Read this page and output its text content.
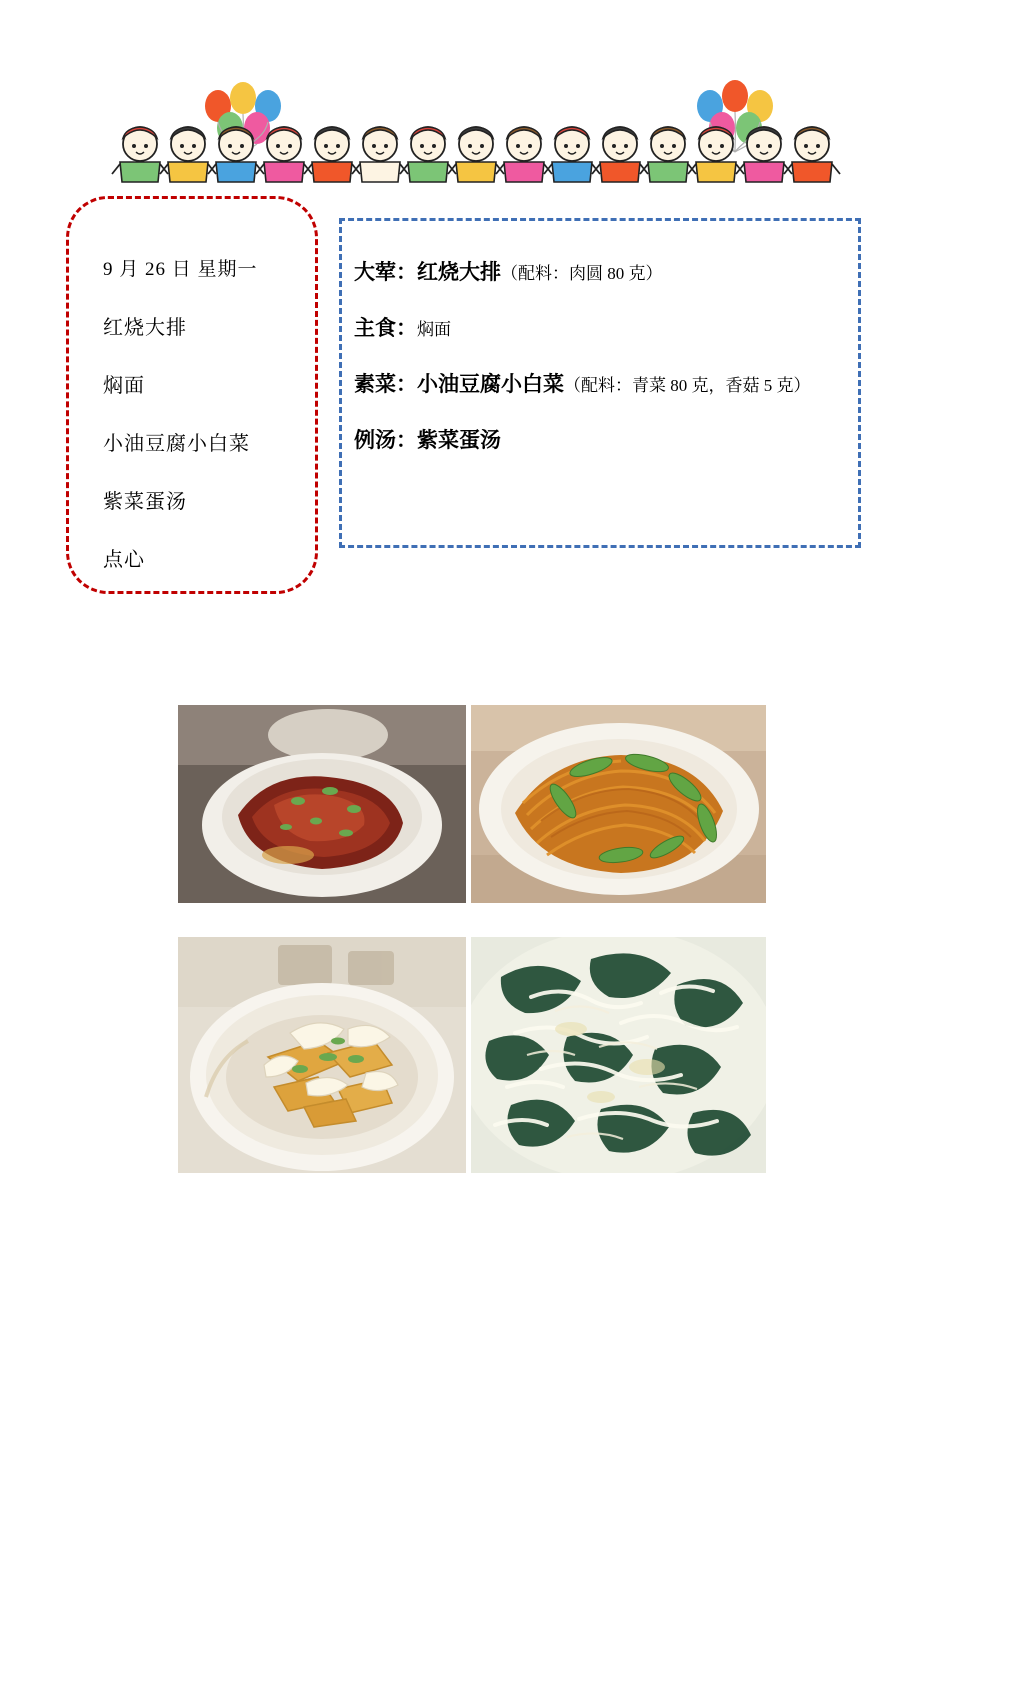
9 月 26 日 星期一
红烧大排
焖面
小油豆腐小白菜
紫菜蛋汤
点心
大荤：红烧大排（配料：肉圆 80 克）
主食：焖面
素菜：小油豆腐小白菜（配料：青菜 80 克，香菇 5 克）
例汤：紫菜蛋汤
